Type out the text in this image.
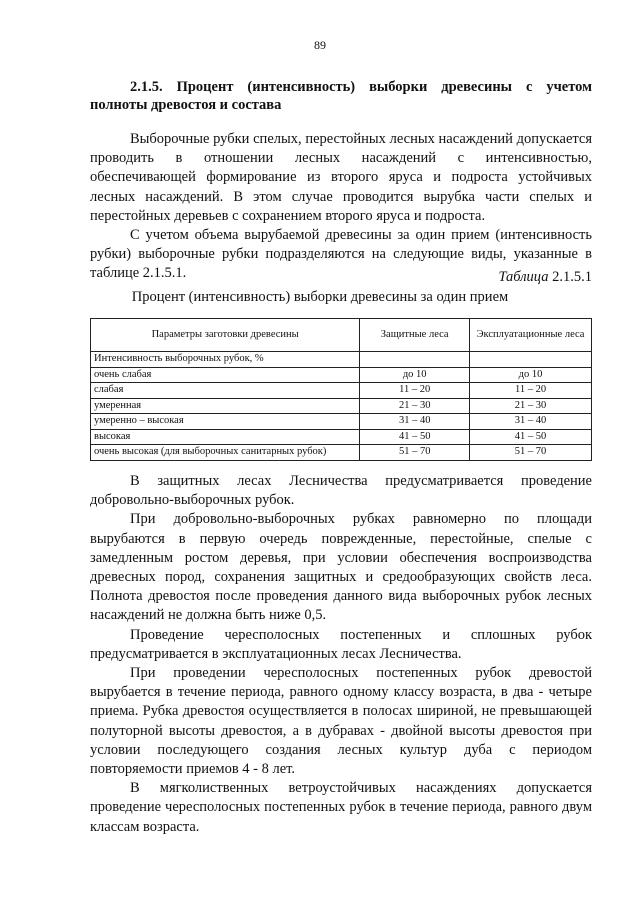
89
2.1.5. Процент (интенсивность) выборки древесины с учетом
полноты древостоя и состава

Выборочные рубки спелых, перестойных лесных насаждений допускается проводить в отношении лесных насаждений с интенсивностью, обеспечивающей формирование из второго яруса и подроста устойчивых лесных насаждений. В этом случае проводится вырубка части спелых и перестойных деревьев с сохранением второго яруса и подроста.

С учетом объема вырубаемой древесины за один прием (интенсивность рубки) выборочные рубки подразделяются на следующие виды, указанные в таблице 2.1.5.1.	Таблица 2.1.5.1
Процент (интенсивность) выборки древесины за один прием
Параметры заготовки древесины	Защитные леса	Эксплуатационные леса
Интенсивность выборочных рубок, %		
очень слабая	до 10	до 10
слабая	11 – 20	11 – 20
умеренная	21 – 30	21 – 30
умеренно – высокая	31 – 40	31 – 40
высокая	41 – 50	41 – 50
очень высокая (для выборочных санитарных рубок)	51 – 70	51 – 70

В защитных лесах Лесничества предусматривается проведение добровольно-выборочных рубок.

При добровольно-выборочных рубках равномерно по площади вырубаются в первую очередь поврежденные, перестойные, спелые с замедленным ростом деревья, при условии обеспечения воспроизводства древесных пород, сохранения защитных и средообразующих свойств леса. Полнота древостоя после проведения данного вида выборочных рубок лесных насаждений не должна быть ниже 0,5.

Проведение чересполосных постепенных и сплошных рубок предусматривается в эксплуатационных лесах Лесничества.

При проведении чересполосных постепенных рубок древостой вырубается в течение периода, равного одному классу возраста, в два - четыре приема. Рубка древостоя осуществляется в полосах шириной, не превышающей полуторной высоты древостоя, а в дубравах - двойной высоты древостоя при условии последующего создания лесных культур дуба с периодом повторяемости приемов 4 - 8 лет.

В мягколиственных ветроустойчивых насаждениях допускается проведение чересполосных постепенных рубок в течение периода, равного двум классам возраста.
